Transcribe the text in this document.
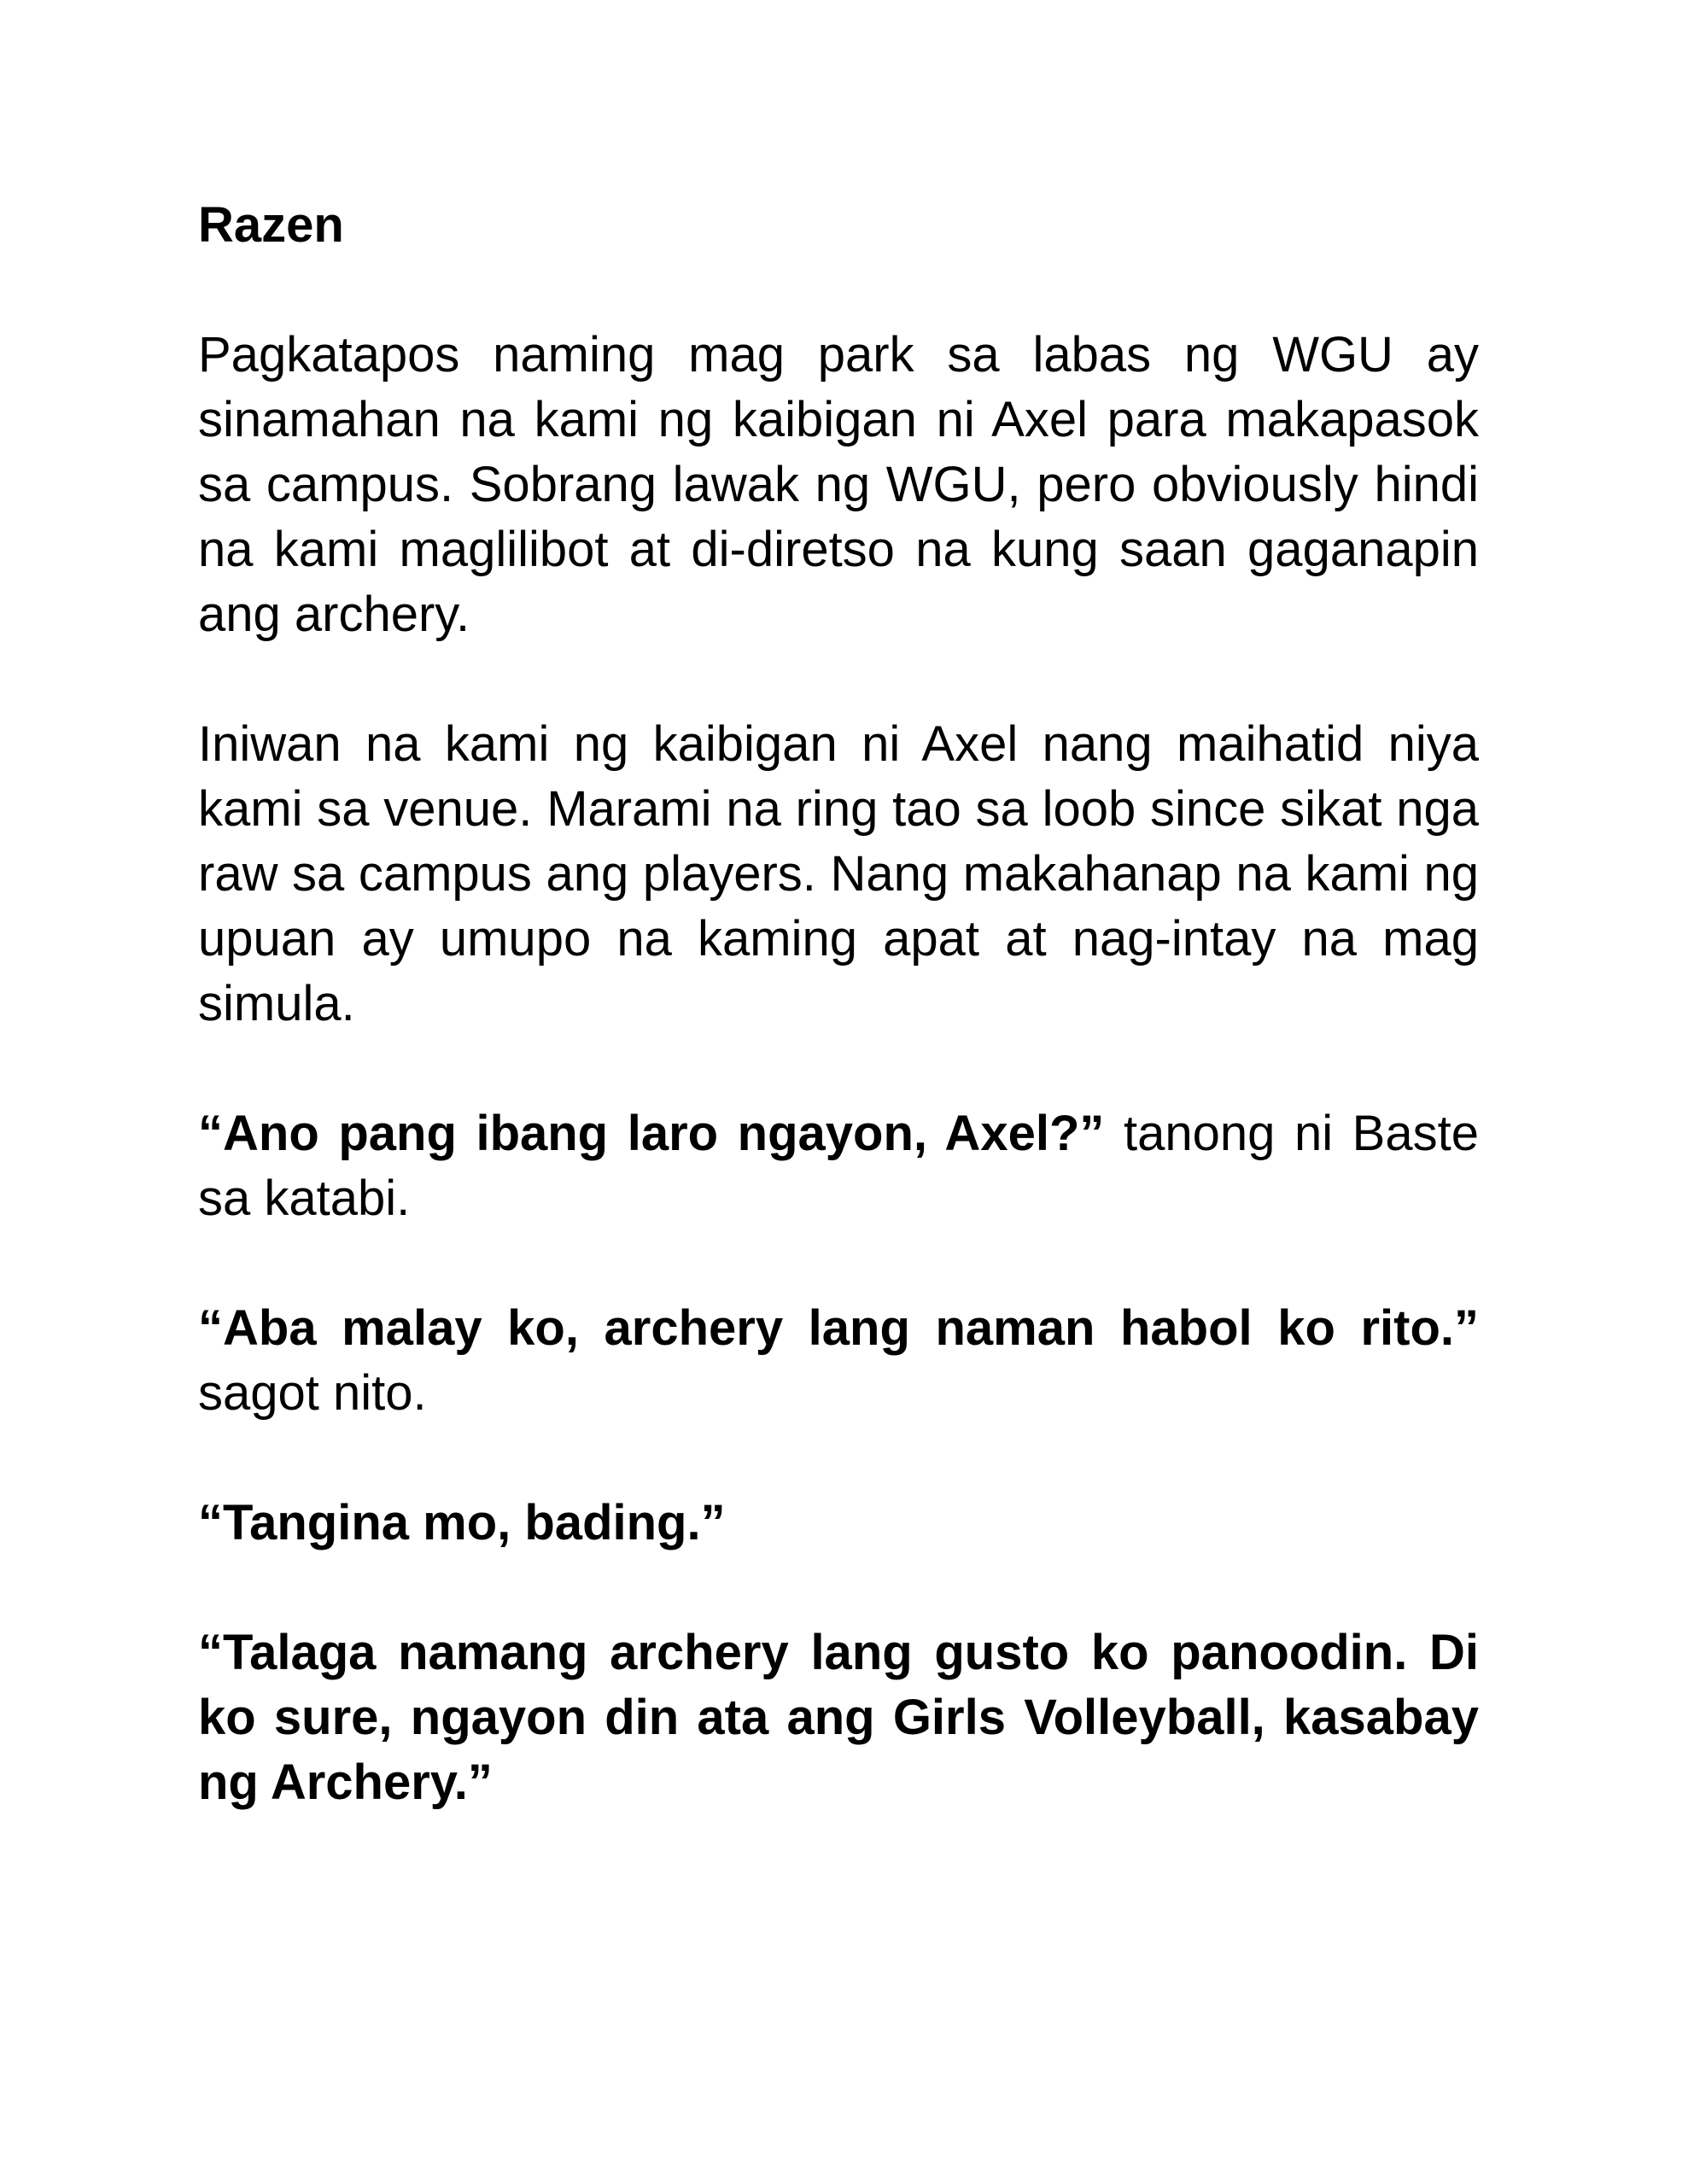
Razen

Pagkatapos naming mag park sa labas ng WGU ay sinamahan na kami ng kaibigan ni Axel para makapasok sa campus. Sobrang lawak ng WGU, pero obviously hindi na kami maglilibot at di-diretso na kung saan gaganapin ang archery.

Iniwan na kami ng kaibigan ni Axel nang maihatid niya kami sa venue. Marami na ring tao sa loob since sikat nga raw sa campus ang players. Nang makahanap na kami ng upuan ay umupo na kaming apat at nag-intay na mag simula.

“Ano pang ibang laro ngayon, Axel?” tanong ni Baste sa katabi.

“Aba malay ko, archery lang naman habol ko rito.” sagot nito.

“Tangina mo, bading.”

“Talaga namang archery lang gusto ko panoodin. Di ko sure, ngayon din ata ang Girls Volleyball, kasabay ng Archery.”
